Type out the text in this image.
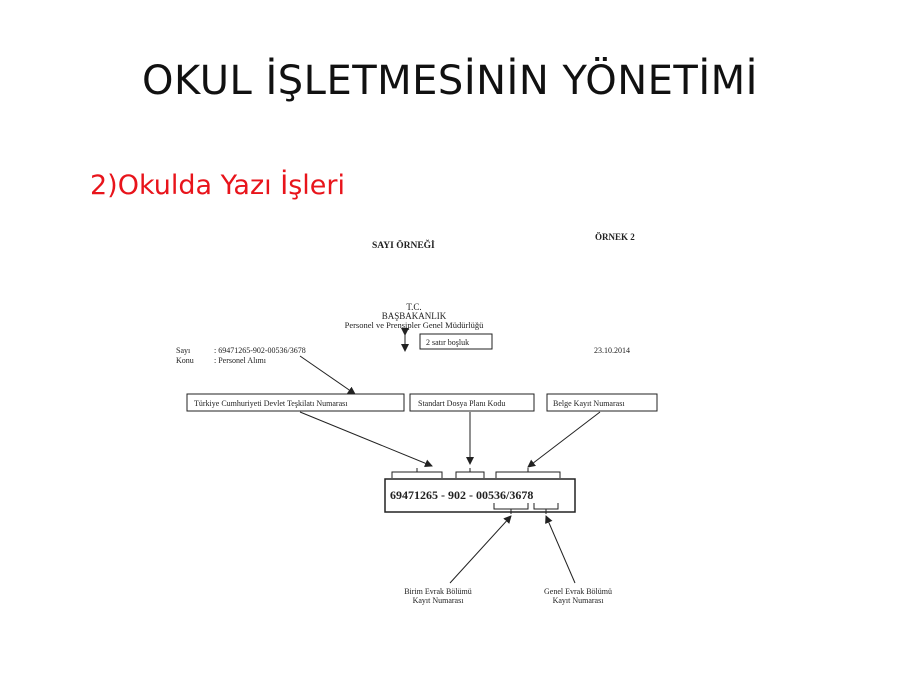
OKUL İŞLETMESİNİN YÖNETİMİ
2)Okulda Yazı İşleri
SAYI ÖRNEĞİ
ÖRNEK 2
T.C.
BAŞBAKANLIK
Personel ve Prensipler Genel Müdürlüğü
2 satır boşluk
Sayı	: 69471265-902-00536/3678
Konu	: Personel Alımı
23.10.2014
Türkiye Cumhuriyeti Devlet Teşkilatı Numarası	Standart Dosya Planı Kodu	Belge Kayıt Numarası
69471265 - 902 - 00536/3678
Birim Evrak Bölümü
Kayıt Numarası
Genel Evrak Bölümü
Kayıt Numarası
